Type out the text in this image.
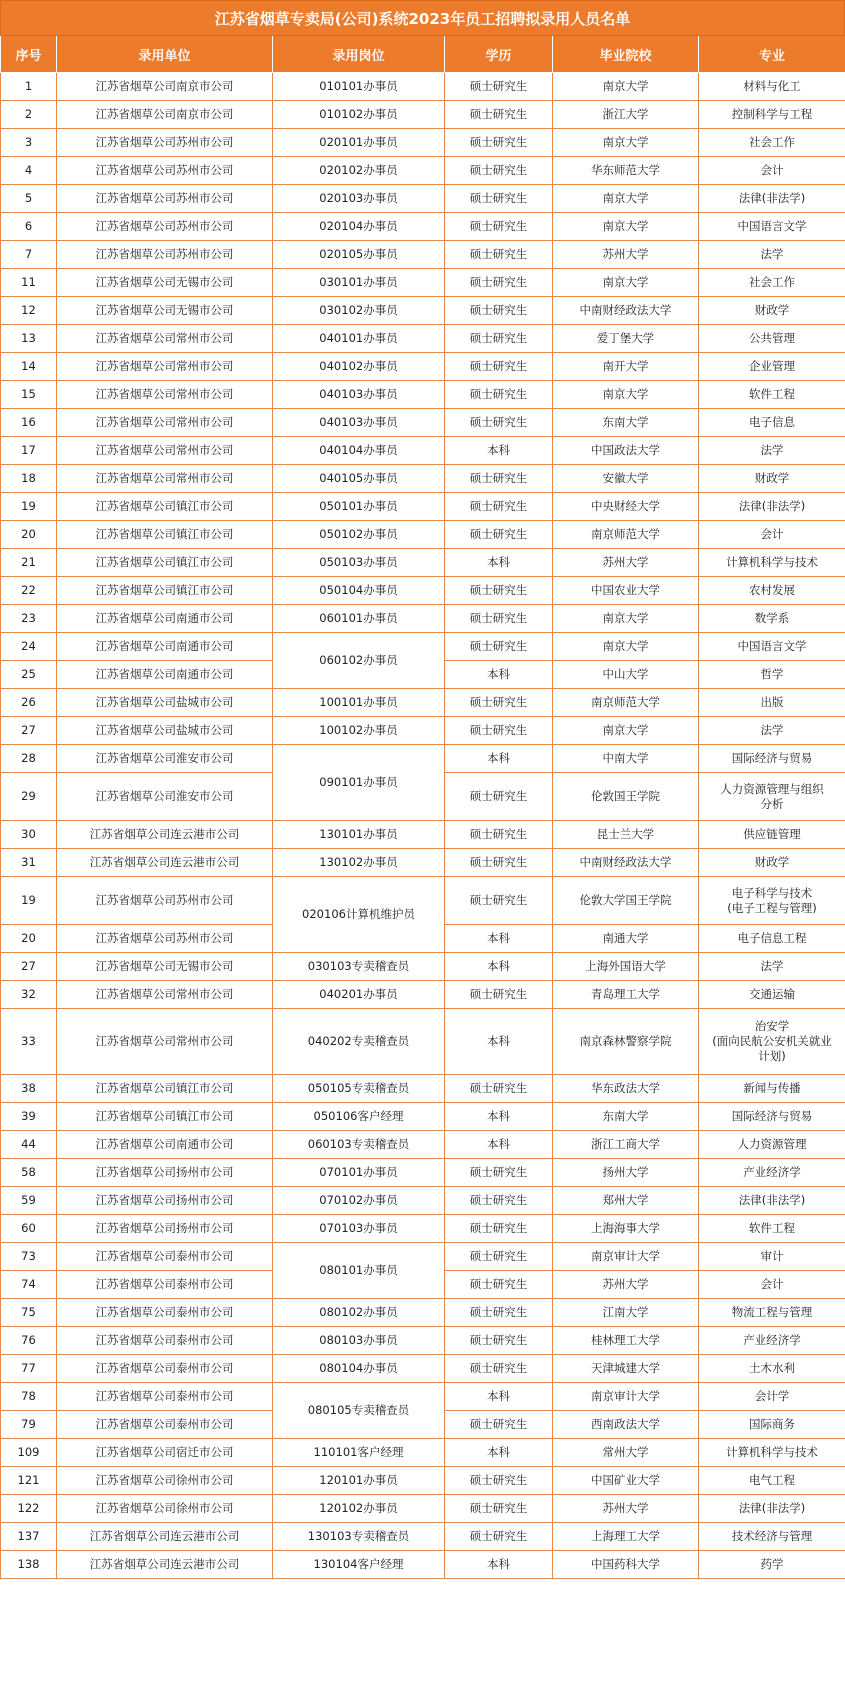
江苏省烟草专卖局(公司)系统2023年员工招聘拟录用人员名单
序号	录用单位	录用岗位	学历	毕业院校	专业
1	江苏省烟草公司南京市公司	010101办事员	硕士研究生	南京大学	材料与化工
2	江苏省烟草公司南京市公司	010102办事员	硕士研究生	浙江大学	控制科学与工程
3	江苏省烟草公司苏州市公司	020101办事员	硕士研究生	南京大学	社会工作
4	江苏省烟草公司苏州市公司	020102办事员	硕士研究生	华东师范大学	会计
5	江苏省烟草公司苏州市公司	020103办事员	硕士研究生	南京大学	法律(非法学)
6	江苏省烟草公司苏州市公司	020104办事员	硕士研究生	南京大学	中国语言文学
7	江苏省烟草公司苏州市公司	020105办事员	硕士研究生	苏州大学	法学
11	江苏省烟草公司无锡市公司	030101办事员	硕士研究生	南京大学	社会工作
12	江苏省烟草公司无锡市公司	030102办事员	硕士研究生	中南财经政法大学	财政学
13	江苏省烟草公司常州市公司	040101办事员	硕士研究生	爱丁堡大学	公共管理
14	江苏省烟草公司常州市公司	040102办事员	硕士研究生	南开大学	企业管理
15	江苏省烟草公司常州市公司	040103办事员	硕士研究生	南京大学	软件工程
16	江苏省烟草公司常州市公司	040103办事员	硕士研究生	东南大学	电子信息
17	江苏省烟草公司常州市公司	040104办事员	本科	中国政法大学	法学
18	江苏省烟草公司常州市公司	040105办事员	硕士研究生	安徽大学	财政学
19	江苏省烟草公司镇江市公司	050101办事员	硕士研究生	中央财经大学	法律(非法学)
20	江苏省烟草公司镇江市公司	050102办事员	硕士研究生	南京师范大学	会计
21	江苏省烟草公司镇江市公司	050103办事员	本科	苏州大学	计算机科学与技术
22	江苏省烟草公司镇江市公司	050104办事员	硕士研究生	中国农业大学	农村发展
23	江苏省烟草公司南通市公司	060101办事员	硕士研究生	南京大学	数学系
24	江苏省烟草公司南通市公司	060102办事员	硕士研究生	南京大学	中国语言文学
25	江苏省烟草公司南通市公司		本科	中山大学	哲学
26	江苏省烟草公司盐城市公司	100101办事员	硕士研究生	南京师范大学	出版
27	江苏省烟草公司盐城市公司	100102办事员	硕士研究生	南京大学	法学
28	江苏省烟草公司淮安市公司	090101办事员	本科	中南大学	国际经济与贸易
29	江苏省烟草公司淮安市公司		硕士研究生	伦敦国王学院	人力资源管理与组织
分析
30	江苏省烟草公司连云港市公司	130101办事员	硕士研究生	昆士兰大学	供应链管理
31	江苏省烟草公司连云港市公司	130102办事员	硕士研究生	中南财经政法大学	财政学
19	江苏省烟草公司苏州市公司	020106计算机维护员	硕士研究生	伦敦大学国王学院	电子科学与技术
(电子工程与管理)
20	江苏省烟草公司苏州市公司		本科	南通大学	电子信息工程
27	江苏省烟草公司无锡市公司	030103专卖稽查员	本科	上海外国语大学	法学
32	江苏省烟草公司常州市公司	040201办事员	硕士研究生	青岛理工大学	交通运输
33	江苏省烟草公司常州市公司	040202专卖稽查员	本科	南京森林警察学院	治安学
(面向民航公安机关就业
计划)
38	江苏省烟草公司镇江市公司	050105专卖稽查员	硕士研究生	华东政法大学	新闻与传播
39	江苏省烟草公司镇江市公司	050106客户经理	本科	东南大学	国际经济与贸易
44	江苏省烟草公司南通市公司	060103专卖稽查员	本科	浙江工商大学	人力资源管理
58	江苏省烟草公司扬州市公司	070101办事员	硕士研究生	扬州大学	产业经济学
59	江苏省烟草公司扬州市公司	070102办事员	硕士研究生	郑州大学	法律(非法学)
60	江苏省烟草公司扬州市公司	070103办事员	硕士研究生	上海海事大学	软件工程
73	江苏省烟草公司泰州市公司	080101办事员	硕士研究生	南京审计大学	审计
74	江苏省烟草公司泰州市公司		硕士研究生	苏州大学	会计
75	江苏省烟草公司泰州市公司	080102办事员	硕士研究生	江南大学	物流工程与管理
76	江苏省烟草公司泰州市公司	080103办事员	硕士研究生	桂林理工大学	产业经济学
77	江苏省烟草公司泰州市公司	080104办事员	硕士研究生	天津城建大学	土木水利
78	江苏省烟草公司泰州市公司	080105专卖稽查员	本科	南京审计大学	会计学
79	江苏省烟草公司泰州市公司		硕士研究生	西南政法大学	国际商务
109	江苏省烟草公司宿迁市公司	110101客户经理	本科	常州大学	计算机科学与技术
121	江苏省烟草公司徐州市公司	120101办事员	硕士研究生	中国矿业大学	电气工程
122	江苏省烟草公司徐州市公司	120102办事员	硕士研究生	苏州大学	法律(非法学)
137	江苏省烟草公司连云港市公司	130103专卖稽查员	硕士研究生	上海理工大学	技术经济与管理
138	江苏省烟草公司连云港市公司	130104客户经理	本科	中国药科大学	药学
